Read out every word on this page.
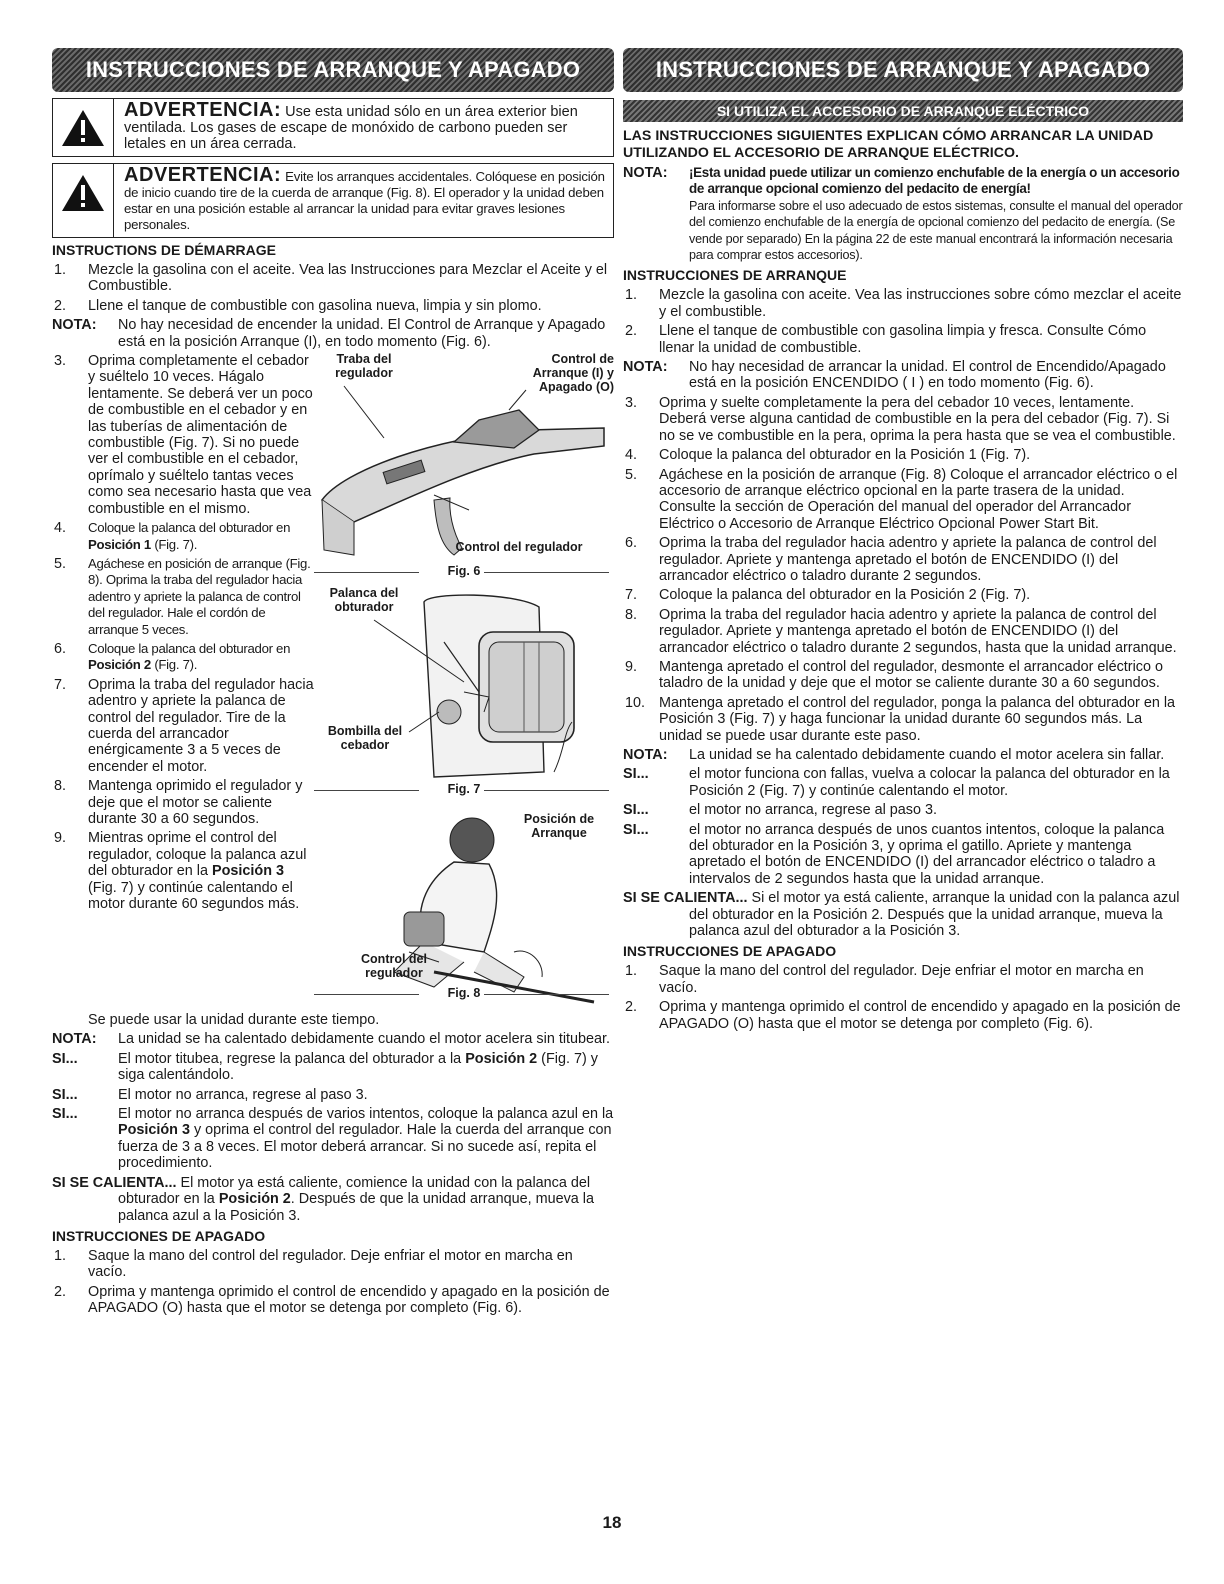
INSTRUCCIONES DE ARRANQUE Y APAGADO
ADVERTENCIA: Use esta unidad sólo en un área exterior bien ventilada. Los gases de escape de monóxido de carbono pueden ser letales en un área cerrada.
ADVERTENCIA: Evite los arranques accidentales. Colóquese en posición de inicio cuando tire de la cuerda de arranque (Fig. 8). El operador y la unidad deben estar en una posición estable al arrancar la unidad para evitar graves lesiones personales.
INSTRUCTIONS DE DÉMARRAGE
1.	Mezcle la gasolina con el aceite. Vea las Instrucciones para Mezclar el Aceite y el Combustible.
2.	Llene el tanque de combustible con gasolina nueva, limpia y sin plomo.
NOTA:	No hay necesidad de encender la unidad. El Control de Arranque y Apagado está en la posición Arranque (I), en todo momento (Fig. 6).
3.	Oprima completamente el cebador y suéltelo 10 veces. Hágalo lentamente. Se deberá ver un poco de combustible en el cebador y en las tuberías de alimentación de combustible (Fig. 7). Si no puede ver el combustible en el cebador, oprímalo y suéltelo tantas veces como sea necesario hasta que vea combustible en el mismo.
4.	Coloque la palanca del obturador en Posición 1 (Fig. 7).
5.	Agáchese en posición de arranque (Fig. 8). Oprima la traba del regulador hacia adentro y apriete la palanca de control del regulador. Hale el cordón de arranque 5 veces.
6.	Coloque la palanca del obturador en Posición 2 (Fig. 7).
7.	Oprima la traba del regulador hacia adentro y apriete la palanca de control del regulador. Tire de la cuerda del arrancador enérgicamente 3 a 5 veces de encender el motor.
8.	Mantenga oprimido el regulador y deje que el motor se caliente durante 30 a 60 segundos.
9.	Mientras oprime el control del regulador, coloque la palanca azul del obturador en la Posición 3 (Fig. 7) y continúe calentando el motor durante 60 segundos más.
Traba del regulador
Control de Arranque (I) y Apagado (O)
Control del regulador
Fig. 6
Palanca del obturador
Bombilla del cebador
Fig. 7
Posición de Arranque
Control del regulador
Fig. 8
Se puede usar la unidad durante este tiempo.
NOTA:	La unidad se ha calentado debidamente cuando el motor acelera sin titubear.
SI...	El motor titubea, regrese la palanca del obturador a la Posición 2 (Fig. 7) y siga calentándolo.
SI...	El motor no arranca, regrese al paso 3.
SI...	El motor no arranca después de varios intentos, coloque la palanca azul en la Posición 3 y oprima el control del regulador. Hale la cuerda del arranque con fuerza de 3 a 8 veces. El motor deberá arrancar. Si no sucede así, repita el procedimiento.
SI SE CALIENTA... El motor ya está caliente, comience la unidad con la palanca del obturador en la Posición 2. Después de que la unidad arranque, mueva la palanca azul a la Posición 3.
INSTRUCCIONES DE APAGADO
1.	Saque la mano del control del regulador. Deje enfriar el motor en marcha en vacío.
2.	Oprima y mantenga oprimido el control de encendido y apagado en la posición de APAGADO (O) hasta que el motor se detenga por completo (Fig. 6).
INSTRUCCIONES DE ARRANQUE Y APAGADO
SI UTILIZA EL ACCESORIO DE ARRANQUE ELÉCTRICO
LAS INSTRUCCIONES SIGUIENTES EXPLICAN CÓMO ARRANCAR LA UNIDAD UTILIZANDO EL ACCESORIO DE ARRANQUE ELÉCTRICO.
NOTA:	¡Esta unidad puede utilizar un comienzo enchufable de la energía o un accesorio de arranque opcional comienzo del pedacito de energía!
Para informarse sobre el uso adecuado de estos sistemas, consulte el manual del operador del comienzo enchufable de la energía de opcional comienzo del pedacito de energía. (Se vende por separado) En la página 22 de este manual encontrará la información necesaria para comprar estos accesorios).
INSTRUCCIONES DE ARRANQUE
1.	Mezcle la gasolina con aceite. Vea las instrucciones sobre cómo mezclar el aceite y el combustible.
2.	Llene el tanque de combustible con gasolina limpia y fresca. Consulte Cómo llenar la unidad de combustible.
NOTA:	No hay necesidad de arrancar la unidad. El control de Encendido/Apagado está en la posición ENCENDIDO ( I ) en todo momento (Fig. 6).
3.	Oprima y suelte completamente la pera del cebador 10 veces, lentamente. Deberá verse alguna cantidad de combustible en la pera del cebador (Fig. 7). Si no se ve combustible en la pera, oprima la pera hasta que se vea el combustible.
4.	Coloque la palanca del obturador en la Posición 1 (Fig. 7).
5.	Agáchese en la posición de arranque (Fig. 8) Coloque el arrancador eléctrico o el accesorio de arranque eléctrico opcional en la parte trasera de la unidad. Consulte la sección de Operación del manual del operador del Arrancador Eléctrico o Accesorio de Arranque Eléctrico Opcional Power Start Bit.
6.	Oprima la traba del regulador hacia adentro y apriete la palanca de control del regulador. Apriete y mantenga apretado el botón de ENCENDIDO (I) del arrancador eléctrico o taladro durante 2 segundos.
7.	Coloque la palanca del obturador en la Posición 2 (Fig. 7).
8.	Oprima la traba del regulador hacia adentro y apriete la palanca de control del regulador. Apriete y mantenga apretado el botón de ENCENDIDO (I) del arrancador eléctrico o taladro durante 2 segundos, hasta que la unidad arranque.
9.	Mantenga apretado el control del regulador, desmonte el arrancador eléctrico o taladro de la unidad y deje que el motor se caliente durante 30 a 60 segundos.
10. Mantenga apretado el control del regulador, ponga la palanca del obturador en la Posición 3 (Fig. 7) y haga funcionar la unidad durante 60 segundos más. La unidad se puede usar durante este paso.
NOTA:	La unidad se ha calentado debidamente cuando el motor acelera sin fallar.
SI...	el motor funciona con fallas, vuelva a colocar la palanca del obturador en la Posición 2 (Fig. 7) y continúe calentando el motor.
SI...	el motor no arranca, regrese al paso 3.
SI...	el motor no arranca después de unos cuantos intentos, coloque la palanca del obturador en la Posición 3, y oprima el gatillo. Apriete y mantenga apretado el botón de ENCENDIDO (I) del arrancador eléctrico o taladro a intervalos de 2 segundos hasta que la unidad arranque.
SI SE CALIENTA... Si el motor ya está caliente, arranque la unidad con la palanca azul del obturador en la Posición 2. Después que la unidad arranque, mueva la palanca azul del obturador a la Posición 3.
INSTRUCCIONES DE APAGADO
1.	Saque la mano del control del regulador. Deje enfriar el motor en marcha en vacío.
2.	Oprima y mantenga oprimido el control de encendido y apagado en la posición de APAGADO (O) hasta que el motor se detenga por completo (Fig. 6).
18
